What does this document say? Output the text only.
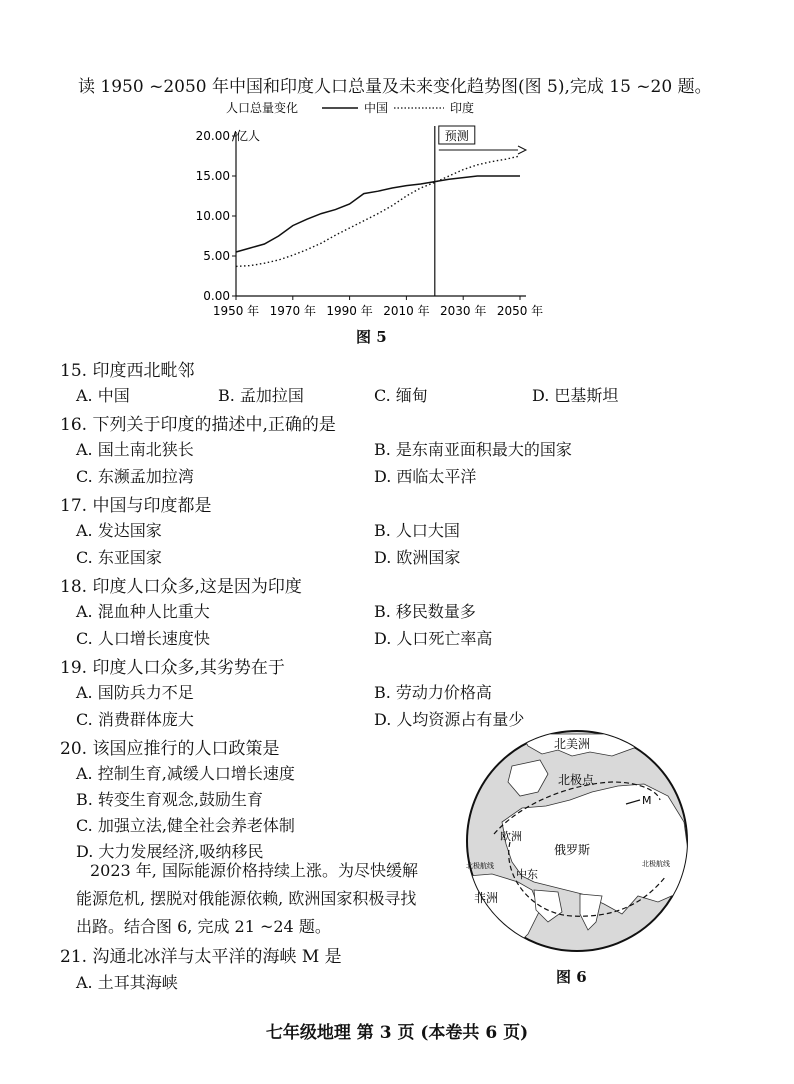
读 1950 ~2050 年中国和印度人口总量及未来变化趋势图(图 5),完成 15 ~20 题。
人口总量变化	中国	印度
/亿人
0.00
5.00
10.00
15.00
20.00
1950 年 1970 年 1990 年 2010 年 2030 年 2050 年
预测
图 5
15. 印度西北毗邻
A. 中国	B. 孟加拉国	C. 缅甸	D. 巴基斯坦
16. 下列关于印度的描述中,正确的是
A. 国土南北狭长	B. 是东南亚面积最大的国家
C. 东濒孟加拉湾	D. 西临太平洋
17. 中国与印度都是
A. 发达国家	B. 人口大国
C. 东亚国家	D. 欧洲国家
18. 印度人口众多,这是因为印度
A. 混血种人比重大	B. 移民数量多
C. 人口增长速度快	D. 人口死亡率高
19. 印度人口众多,其劣势在于
A. 国防兵力不足	B. 劳动力价格高
C. 消费群体庞大	D. 人均资源占有量少
20. 该国应推行的人口政策是
A. 控制生育,减缓人口增长速度
B. 转变生育观念,鼓励生育
C. 加强立法,健全社会养老体制
D. 大力发展经济,吸纳移民
2023 年, 国际能源价格持续上涨。为尽快缓解
能源危机, 摆脱对俄能源依赖, 欧洲国家积极寻找
出路。结合图 6, 完成 21 ~24 题。
21. 沟通北冰洋与太平洋的海峡 M 是
A. 土耳其海峡
北美洲
北极点
M
欧洲
俄罗斯
中东
非洲
北极航线	北极航线
图 6
七年级地理 第 3 页 (本卷共 6 页)
